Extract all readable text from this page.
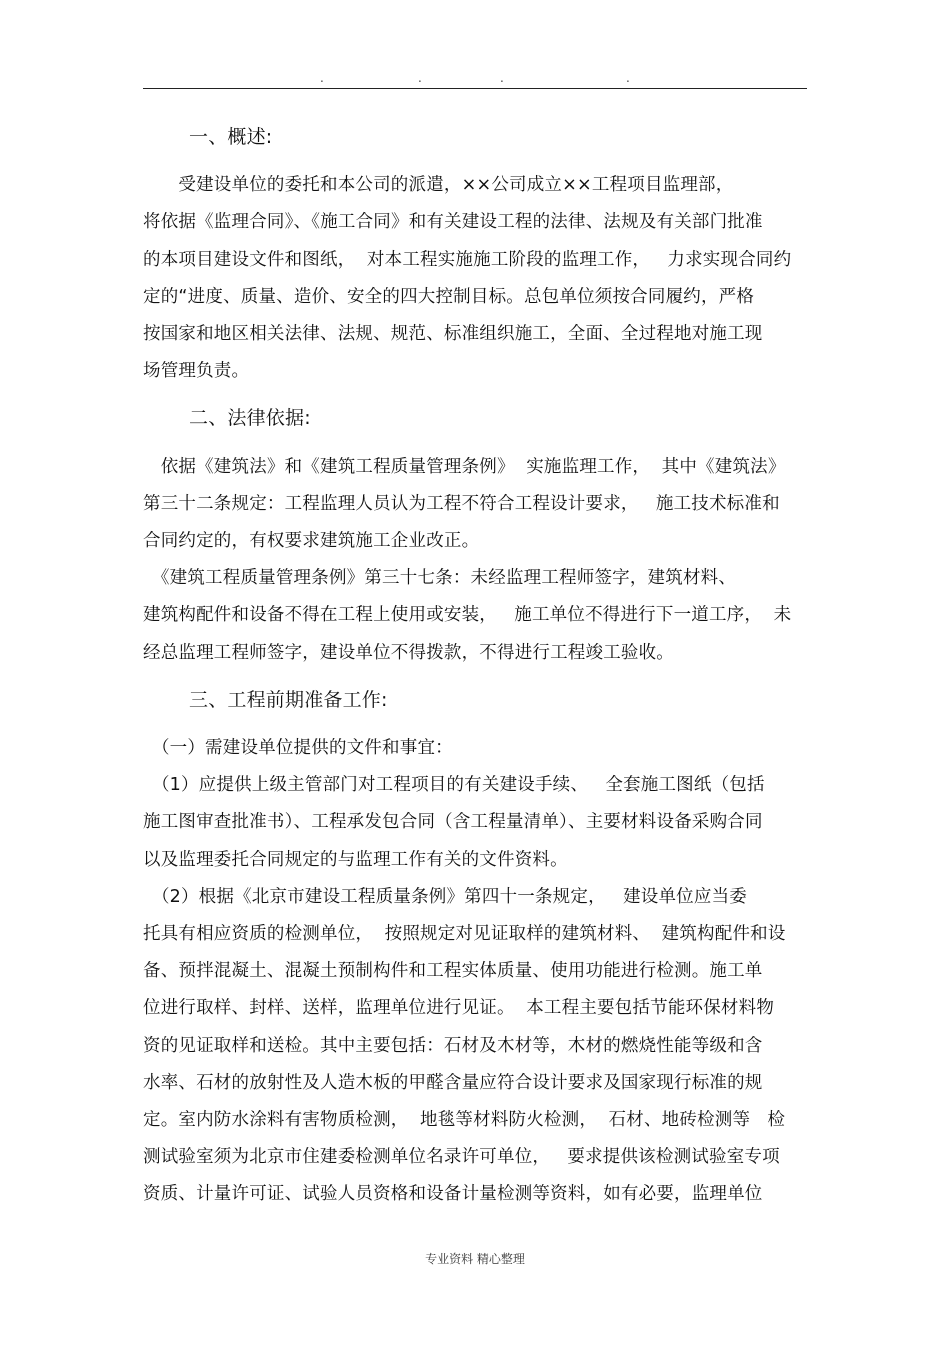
.	.	.	.
一、概述:
　　受建设单位的委托和本公司的派遣，××公司成立××工程项目监理部，
将依据《监理合同》、《施工合同》和有关建设工程的法律、法规及有关部门批准
的本项目建设文件和图纸，  对本工程实施施工阶段的监理工作，   力求实现合同约
定的“进度、质量、造价、安全的四大控制目标。总包单位须按合同履约，严格
按国家和地区相关法律、法规、规范、标准组织施工，全面、全过程地对施工现
场管理负责。
二、法律依据:
　依据《建筑法》和《建筑工程质量管理条例》  实施监理工作，  其中《建筑法》
第三十二条规定：工程监理人员认为工程不符合工程设计要求，   施工技术标准和
合同约定的，有权要求建筑施工企业改正。
　《建筑工程质量管理条例》第三十七条：未经监理工程师签字，建筑材料、
建筑构配件和设备不得在工程上使用或安装，   施工单位不得进行下一道工序，  未
经总监理工程师签字，建设单位不得拨款，不得进行工程竣工验收。
三、工程前期准备工作:
　（一）需建设单位提供的文件和事宜：
　（1）应提供上级主管部门对工程项目的有关建设手续、   全套施工图纸（包括
施工图审查批准书）、工程承发包合同（含工程量清单）、主要材料设备采购合同
以及监理委托合同规定的与监理工作有关的文件资料。
　（2）根据《北京市建设工程质量条例》第四十一条规定，   建设单位应当委
托具有相应资质的检测单位，  按照规定对见证取样的建筑材料、  建筑构配件和设
备、预拌混凝土、混凝土预制构件和工程实体质量、使用功能进行检测。施工单
位进行取样、封样、送样，监理单位进行见证。  本工程主要包括节能环保材料物
资的见证取样和送检。其中主要包括：石材及木材等，木材的燃烧性能等级和含
水率、石材的放射性及人造木板的甲醛含量应符合设计要求及国家现行标准的规
定。室内防水涂料有害物质检测，  地毯等材料防火检测，  石材、地砖检测等   检
测试验室须为北京市住建委检测单位名录许可单位，   要求提供该检测试验室专项
资质、计量许可证、试验人员资格和设备计量检测等资料，如有必要，监理单位
专业资料 精心整理
